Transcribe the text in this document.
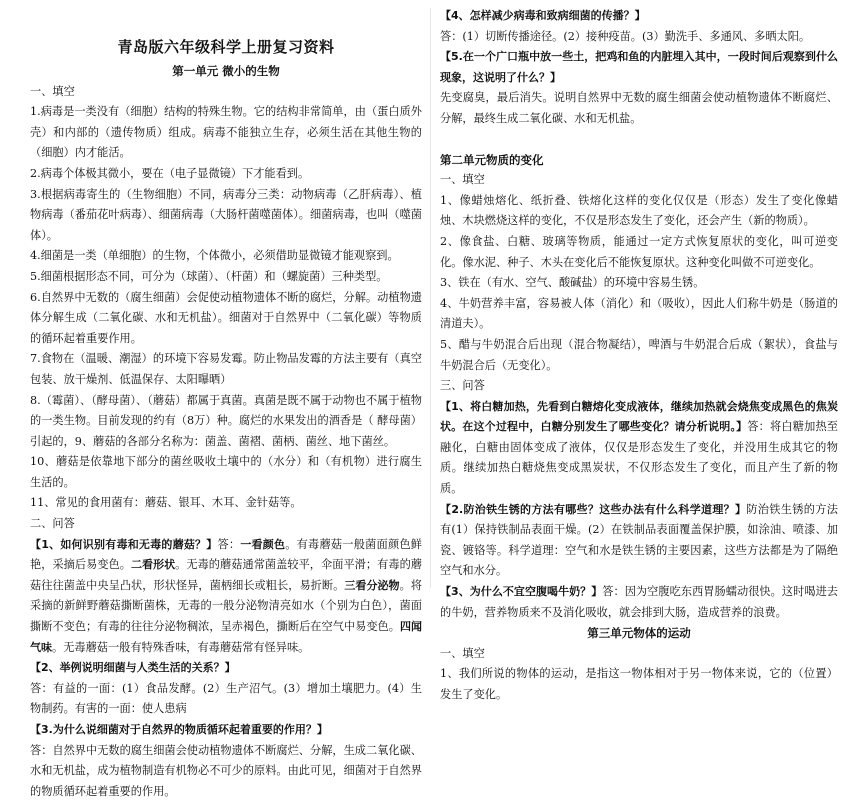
青岛版六年级科学上册复习资料
第一单元 微小的生物

一、填空

1.病毒是一类没有（细胞）结构的特殊生物。它的结构非常简单，由（蛋白质外壳）和内部的（遗传物质）组成。病毒不能独立生存，必须生活在其他生物的（细胞）内才能活。

2.病毒个体极其微小，要在（电子显微镜）下才能看到。

3.根据病毒寄生的（生物细胞）不同，病毒分三类：动物病毒（乙肝病毒）、植物病毒（番茄花叶病毒）、细菌病毒（大肠杆菌噬菌体）。细菌病毒，也叫（噬菌体）。

4.细菌是一类（单细胞）的生物，个体微小，必须借助显微镜才能观察到。

5.细菌根据形态不同，可分为（球菌）、（杆菌）和（螺旋菌）三种类型。

6.自然界中无数的（腐生细菌）会促使动植物遗体不断的腐烂，分解。动植物遗体分解生成（二氧化碳、水和无机盐）。细菌对于自然界中（二氧化碳）等物质的循环起着重要作用。

7.食物在（温暖、潮湿）的环境下容易发霉。防止物品发霉的方法主要有（真空包装、放干燥剂、低温保存、太阳曝晒）

8.（霉菌）、（酵母菌）、（蘑菇）都属于真菌。真菌是既不属于动物也不属于植物的一类生物。目前发现的约有（8万）种。腐烂的水果发出的酒香是（ 酵母菌）引起的，9、蘑菇的各部分名称为：菌盖、菌褶、菌柄、菌丝、地下菌丝。

10、蘑菇是依靠地下部分的菌丝吸收土壤中的（水分）和（有机物）进行腐生生活的。

11、常见的食用菌有：蘑菇、银耳、木耳、金针菇等。

二、问答

【1、如何识别有毒和无毒的蘑菇？】答：一看颜色。有毒蘑菇一般菌面颜色鲜艳，采摘后易变色。二看形状。无毒的蘑菇通常菌盖较平，伞面平滑；有毒的蘑菇往往菌盖中央呈凸状，形状怪异，菌柄细长或粗长，易折断。三看分泌物。将采摘的新鲜野蘑菇撕断菌株，无毒的一般分泌物清亮如水（个别为白色），菌面撕断不变色；有毒的往往分泌物稠浓，呈赤褐色，撕断后在空气中易变色。四闻气味。无毒蘑菇一般有特殊香味，有毒蘑菇常有怪异味。

【2、举例说明细菌与人类生活的关系？】

答：有益的一面：(1）食品发酵。(2）生产沼气。(3）增加土壤肥力。(4）生物制药。有害的一面：使人患病

【3.为什么说细菌对于自然界的物质循环起着重要的作用？】

答：自然界中无数的腐生细菌会使动植物遗体不断腐烂、分解，生成二氧化碳、水和无机盐，成为植物制造有机物必不可少的原料。由此可见，细菌对于自然界的物质循环起着重要的作用。

【4、怎样减少病毒和致病细菌的传播？】

答：(1）切断传播途径。(2）接种疫苗。(3）勤洗手、多通风、多晒太阳。

【5.在一个广口瓶中放一些土，把鸡和鱼的内脏埋入其中，一段时间后观察到什么现象，这说明了什么？】

先变腐臭，最后消失。说明自然界中无数的腐生细菌会使动植物遗体不断腐烂、分解，最终生成二氧化碳、水和无机盐。

第二单元物质的变化

一、填空

1、像蜡烛熔化、纸折叠、铁熔化这样的变化仅仅是（形态）发生了变化像蜡烛、木块燃烧这样的变化，不仅是形态发生了变化，还会产生（新的物质）。

2、像食盐、白糖、玻璃等物质，能通过一定方式恢复原状的变化，叫可逆变化。像水泥、种子、木头在变化后不能恢复原状。这种变化叫做不可逆变化。

3、铁在（有水、空气、酸碱盐）的环境中容易生锈。

4、牛奶营养丰富，容易被人体（消化）和（吸收），因此人们称牛奶是（肠道的清道夫）。

5、醋与牛奶混合后出现（混合物凝结），啤酒与牛奶混合后成（絮状），食盐与牛奶混合后（无变化）。

三、问答

【1、将白糖加热，先看到白糖熔化变成液体，继续加热就会烧焦变成黑色的焦炭状。在这个过程中，白糖分别发生了哪些变化？请分析说明。】答：将白糖加热至融化，白糖由固体变成了液体，仅仅是形态发生了变化，并没用生成其它的物质。继续加热白糖烧焦变成黑炭状，不仅形态发生了变化，而且产生了新的物质。

【2.防治铁生锈的方法有哪些？这些办法有什么科学道理？】防治铁生锈的方法有(1）保持铁制品表面干燥。(2）在铁制品表面覆盖保护膜，如涂油、喷漆、加瓷、镀铬等。科学道理：空气和水是铁生锈的主要因素，这些方法都是为了隔绝空气和水分。

【3、为什么不宜空腹喝牛奶？】答：因为空腹吃东西胃肠蠕动很快。这时喝进去的牛奶，营养物质来不及消化吸收，就会排到大肠，造成营养的浪费。

第三单元物体的运动

一、填空

1、我们所说的物体的运动，是指这一物体相对于另一物体来说，它的（位置）发生了变化。
